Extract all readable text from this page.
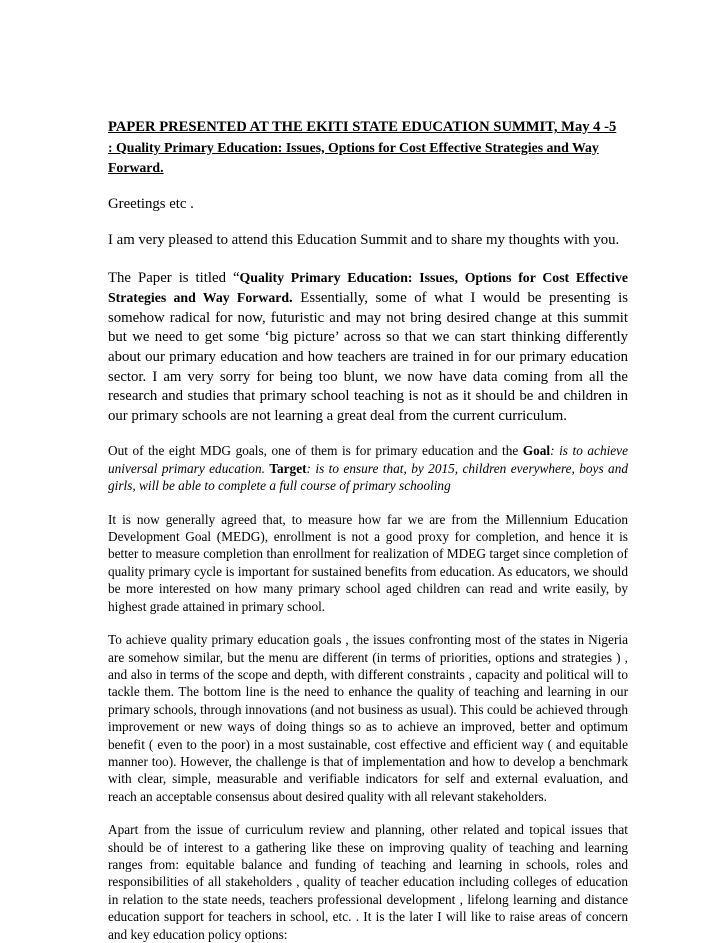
PAPER PRESENTED AT THE EKITI STATE EDUCATION SUMMIT, May 4 -5
: Quality Primary Education: Issues, Options for Cost Effective Strategies and Way Forward.

Greetings etc .

I am very pleased to attend this Education Summit and to share my thoughts with you.

The Paper is titled “Quality Primary Education: Issues, Options for Cost Effective Strategies and Way Forward. Essentially, some of what I would be presenting is somehow radical for now, futuristic and may not bring desired change at this summit but we need to get some ‘big picture’ across so that we can start thinking differently about our primary education and how teachers are trained in for our primary education sector. I am very sorry for being too blunt, we now have data coming from all the research and studies that primary school teaching is not as it should be and children in our primary schools are not learning a great deal from the current curriculum.

Out of the eight MDG goals, one of them is for primary education and the Goal: is to achieve universal primary education. Target: is to ensure that, by 2015, children everywhere, boys and girls, will be able to complete a full course of primary schooling

It is now generally agreed that, to measure how far we are from the Millennium Education Development Goal (MEDG), enrollment is not a good proxy for completion, and hence it is better to measure completion than enrollment for realization of MDEG target since completion of quality primary cycle is important for sustained benefits from education. As educators, we should be more interested on how many primary school aged children can read and write easily, by highest grade attained in primary school.

To achieve quality primary education goals , the issues confronting most of the states in Nigeria are somehow similar, but the menu are different (in terms of priorities, options and strategies ) , and also in terms of the scope and depth, with different constraints , capacity and political will to tackle them. The bottom line is the need to enhance the quality of teaching and learning in our primary schools, through innovations (and not business as usual). This could be achieved through improvement or new ways of doing things so as to achieve an improved, better and optimum benefit ( even to the poor) in a most sustainable, cost effective and efficient way ( and equitable manner too). However, the challenge is that of implementation and how to develop a benchmark with clear, simple, measurable and verifiable indicators for self and external evaluation, and reach an acceptable consensus about desired quality with all relevant stakeholders.

Apart from the issue of curriculum review and planning, other related and topical issues that should be of interest to a gathering like these on improving quality of teaching and learning ranges from: equitable balance and funding of teaching and learning in schools, roles and responsibilities of all stakeholders , quality of teacher education including colleges of education in relation to the state needs, teachers professional development , lifelong learning and distance education support for teachers in school, etc. . It is the later I will like to raise areas of concern and key education policy options:
